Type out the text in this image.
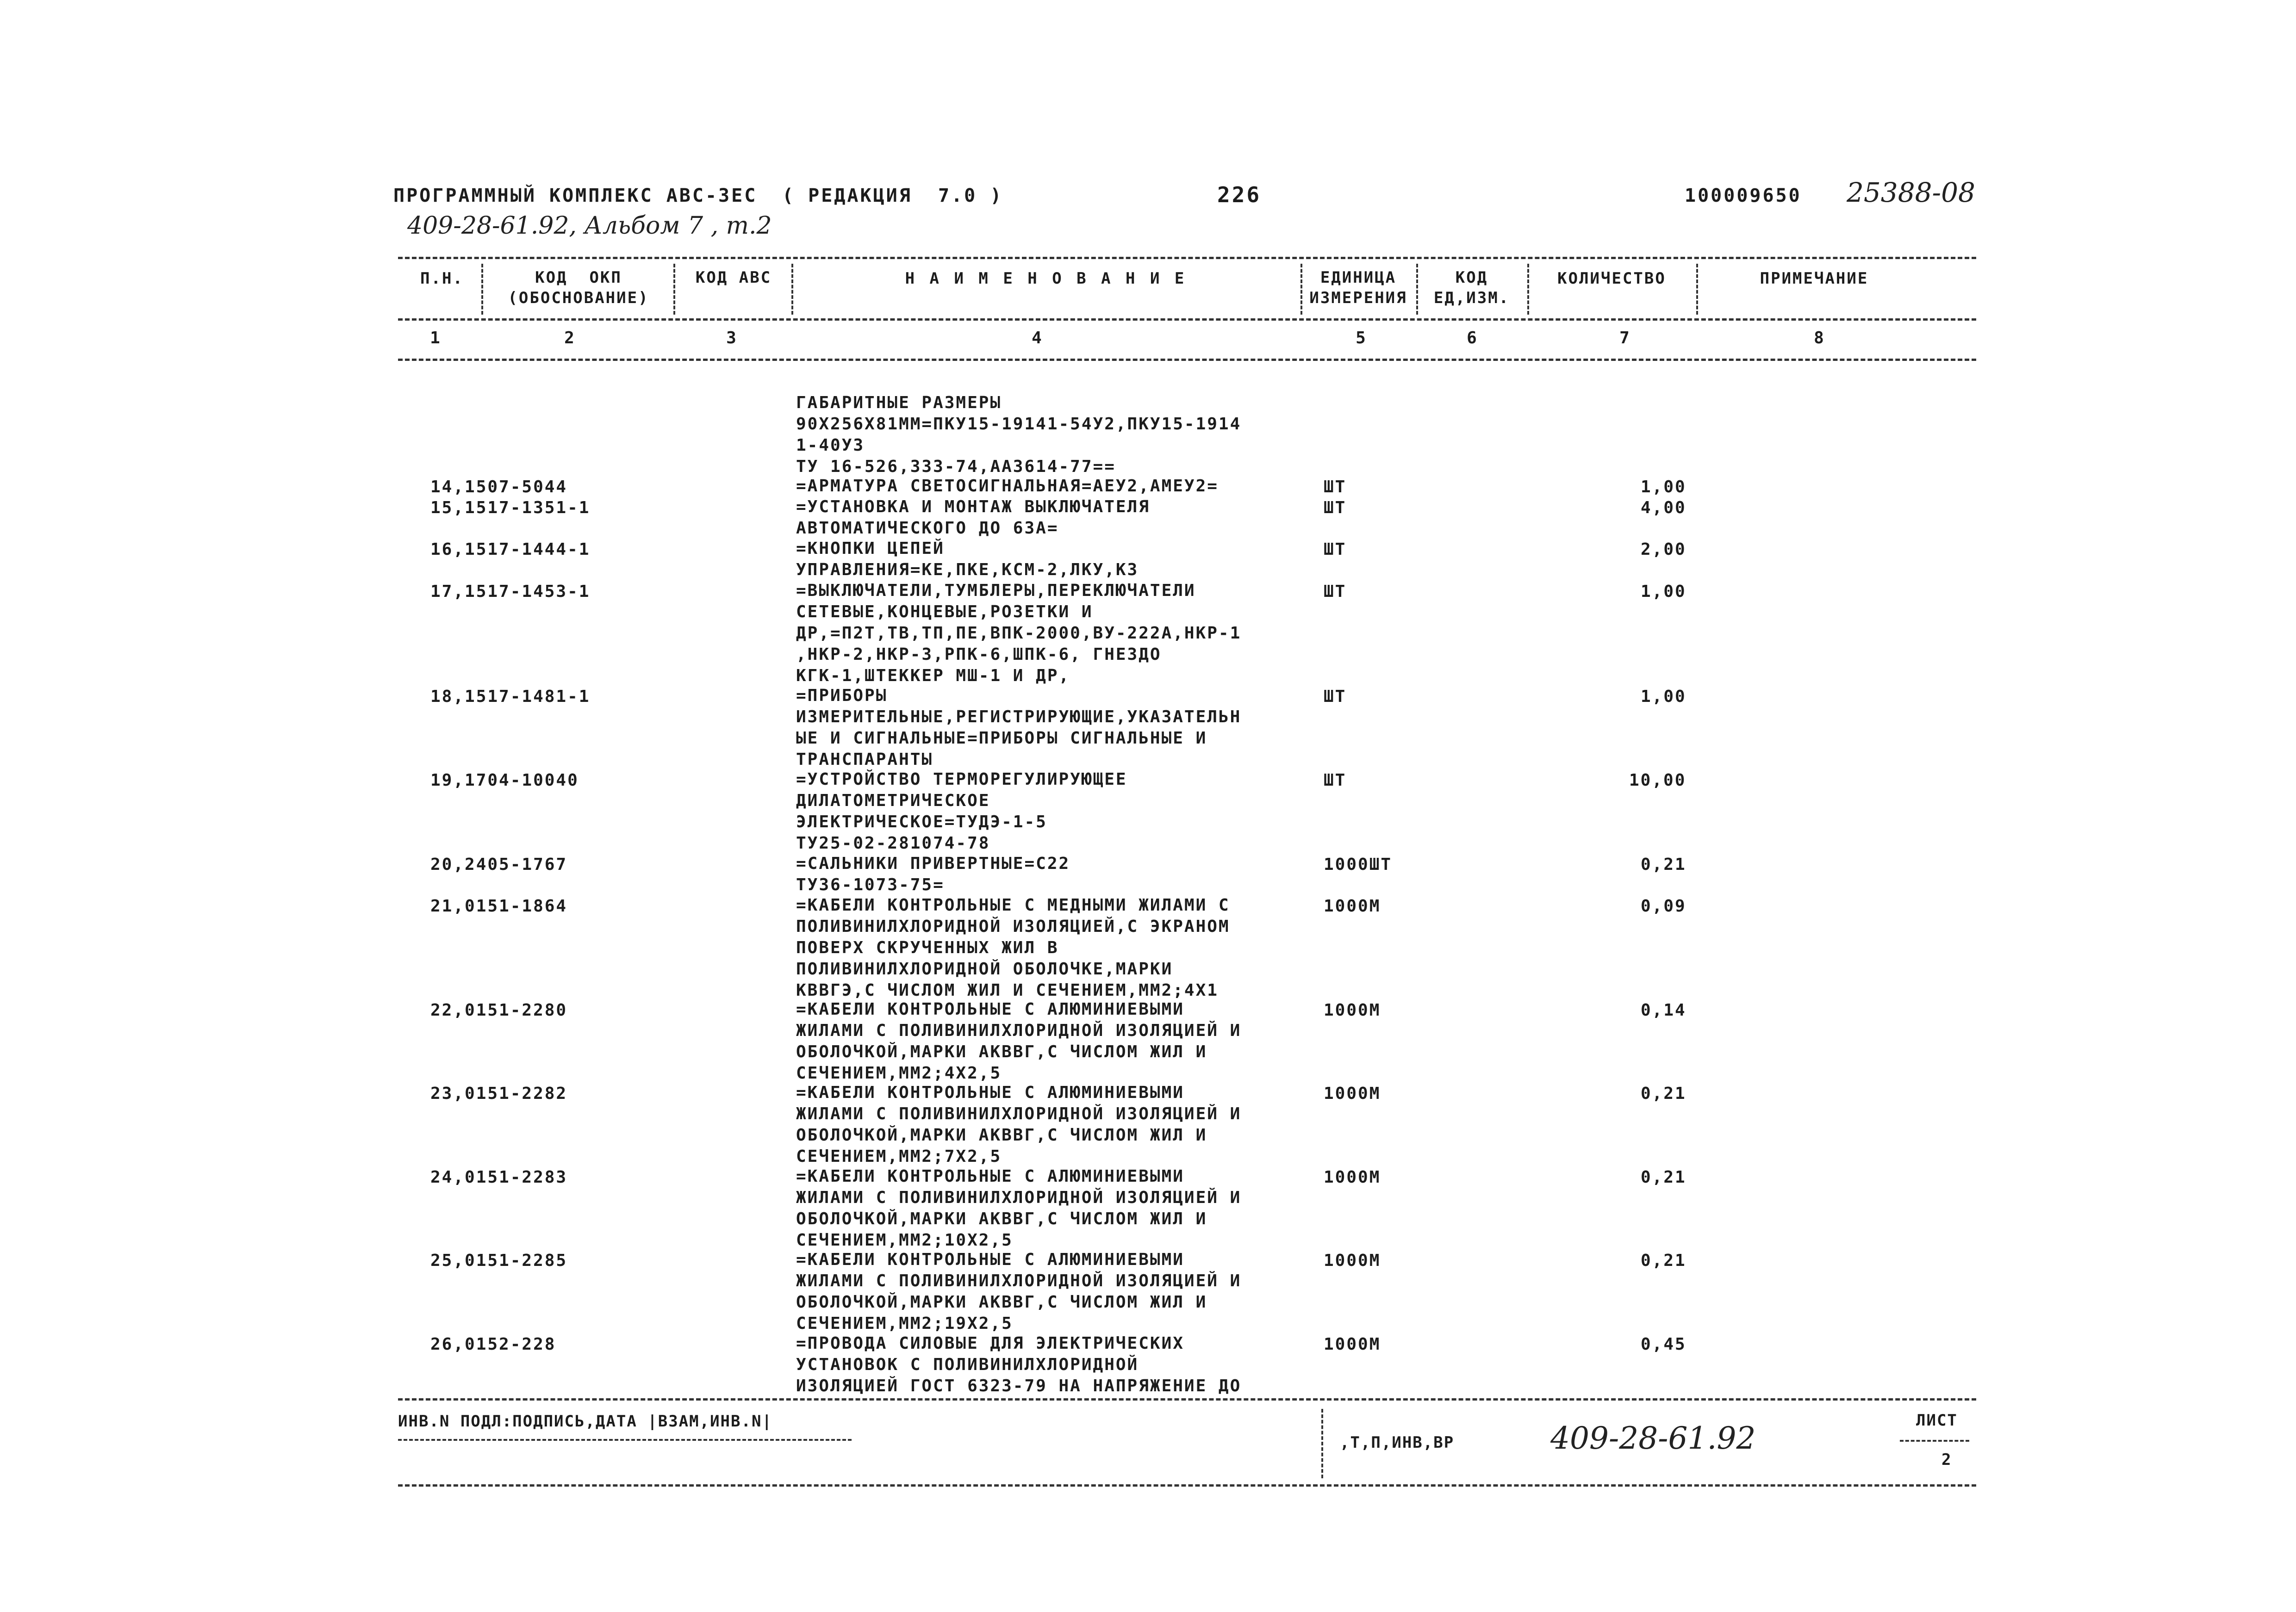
ПРОГРАММНЫЙ КОМПЛЕКС АВС-3ЕС ( РЕДАКЦИЯ  7.0 )	226	100009650 25388-08
409-28-61.92, Альбом 7 , т.2
П.Н.	КОД  ОКП
(ОБОСНОВАНИЕ)
КОД АВС	Н А И М Е Н О В А Н И Е	ЕДИНИЦА
ИЗМЕРЕНИЯ
КОД
ЕД,ИЗМ.
КОЛИЧЕСТВО	ПРИМЕЧАНИЕ
1	2	3	4	5	6	7	8
ГАБАРИТНЫЕ РАЗМЕРЫ
90Х256Х81ММ=ПКУ15-19141-54У2,ПКУ15-1914
1-40У3
ТУ 16-526,333-74,АА3614-77==
14,1507-5044	=АРМАТУРА СВЕТОСИГНАЛЬНАЯ=АЕУ2,АМЕУ2=	ШТ	1,00
15,1517-1351-1	=УСТАНОВКА И МОНТАЖ ВЫКЛЮЧАТЕЛЯ
АВТОМАТИЧЕСКОГО ДО 63А=
ШТ	4,00
16,1517-1444-1	=КНОПКИ ЦЕПЕЙ
УПРАВЛЕНИЯ=КЕ,ПКЕ,КСМ-2,ЛКУ,КЗ
ШТ	2,00
17,1517-1453-1	=ВЫКЛЮЧАТЕЛИ,ТУМБЛЕРЫ,ПЕРЕКЛЮЧАТЕЛИ
СЕТЕВЫЕ,КОНЦЕВЫЕ,РОЗЕТКИ И
ДР,=П2Т,ТВ,ТП,ПЕ,ВПК-2000,ВУ-222А,НКР-1
,НКР-2,НКР-3,РПК-6,ШПК-6, ГНЕЗДО
КГК-1,ШТЕККЕР МШ-1 И ДР,
ШТ	1,00
18,1517-1481-1	=ПРИБОРЫ
ИЗМЕРИТЕЛЬНЫЕ,РЕГИСТРИРУЮЩИЕ,УКАЗАТЕЛЬН
ЫЕ И СИГНАЛЬНЫЕ=ПРИБОРЫ СИГНАЛЬНЫЕ И
ТРАНСПАРАНТЫ
ШТ	1,00
19,1704-10040	=УСТРОЙСТВО ТЕРМОРЕГУЛИРУЮЩЕЕ
ДИЛАТОМЕТРИЧЕСКОЕ
ЭЛЕКТРИЧЕСКОЕ=ТУДЭ-1-5
ТУ25-02-281074-78
ШТ	10,00
20,2405-1767	=САЛЬНИКИ ПРИВЕРТНЫЕ=С22
ТУ36-1073-75=
1000ШТ	0,21
21,0151-1864	=КАБЕЛИ КОНТРОЛЬНЫЕ С МЕДНЫМИ ЖИЛАМИ С
ПОЛИВИНИЛХЛОРИДНОЙ ИЗОЛЯЦИЕЙ,С ЭКРАНОМ
ПОВЕРХ СКРУЧЕННЫХ ЖИЛ В
ПОЛИВИНИЛХЛОРИДНОЙ ОБОЛОЧКЕ,МАРКИ
КВВГЭ,С ЧИСЛОМ ЖИЛ И СЕЧЕНИЕМ,ММ2;4Х1
1000М	0,09
22,0151-2280	=КАБЕЛИ КОНТРОЛЬНЫЕ С АЛЮМИНИЕВЫМИ
ЖИЛАМИ С ПОЛИВИНИЛХЛОРИДНОЙ ИЗОЛЯЦИЕЙ И
ОБОЛОЧКОЙ,МАРКИ АКВВГ,С ЧИСЛОМ ЖИЛ И
СЕЧЕНИЕМ,ММ2;4Х2,5
1000М	0,14
23,0151-2282	=КАБЕЛИ КОНТРОЛЬНЫЕ С АЛЮМИНИЕВЫМИ
ЖИЛАМИ С ПОЛИВИНИЛХЛОРИДНОЙ ИЗОЛЯЦИЕЙ И
ОБОЛОЧКОЙ,МАРКИ АКВВГ,С ЧИСЛОМ ЖИЛ И
СЕЧЕНИЕМ,ММ2;7Х2,5
1000М	0,21
24,0151-2283	=КАБЕЛИ КОНТРОЛЬНЫЕ С АЛЮМИНИЕВЫМИ
ЖИЛАМИ С ПОЛИВИНИЛХЛОРИДНОЙ ИЗОЛЯЦИЕЙ И
ОБОЛОЧКОЙ,МАРКИ АКВВГ,С ЧИСЛОМ ЖИЛ И
СЕЧЕНИЕМ,ММ2;10Х2,5
1000М	0,21
25,0151-2285	=КАБЕЛИ КОНТРОЛЬНЫЕ С АЛЮМИНИЕВЫМИ
ЖИЛАМИ С ПОЛИВИНИЛХЛОРИДНОЙ ИЗОЛЯЦИЕЙ И
ОБОЛОЧКОЙ,МАРКИ АКВВГ,С ЧИСЛОМ ЖИЛ И
СЕЧЕНИЕМ,ММ2;19Х2,5
1000М	0,21
26,0152-228	=ПРОВОДА СИЛОВЫЕ ДЛЯ ЭЛЕКТРИЧЕСКИХ
УСТАНОВОК С ПОЛИВИНИЛХЛОРИДНОЙ
ИЗОЛЯЦИЕЙ ГОСТ 6323-79 НА НАПРЯЖЕНИЕ ДО
1000М	0,45
ИНВ.N ПОДЛ:ПОДПИСЬ,ДАТА |ВЗАМ,ИНВ.N|
,Т,П,ИНВ,ВР	409-28-61.92	ЛИСТ
2
